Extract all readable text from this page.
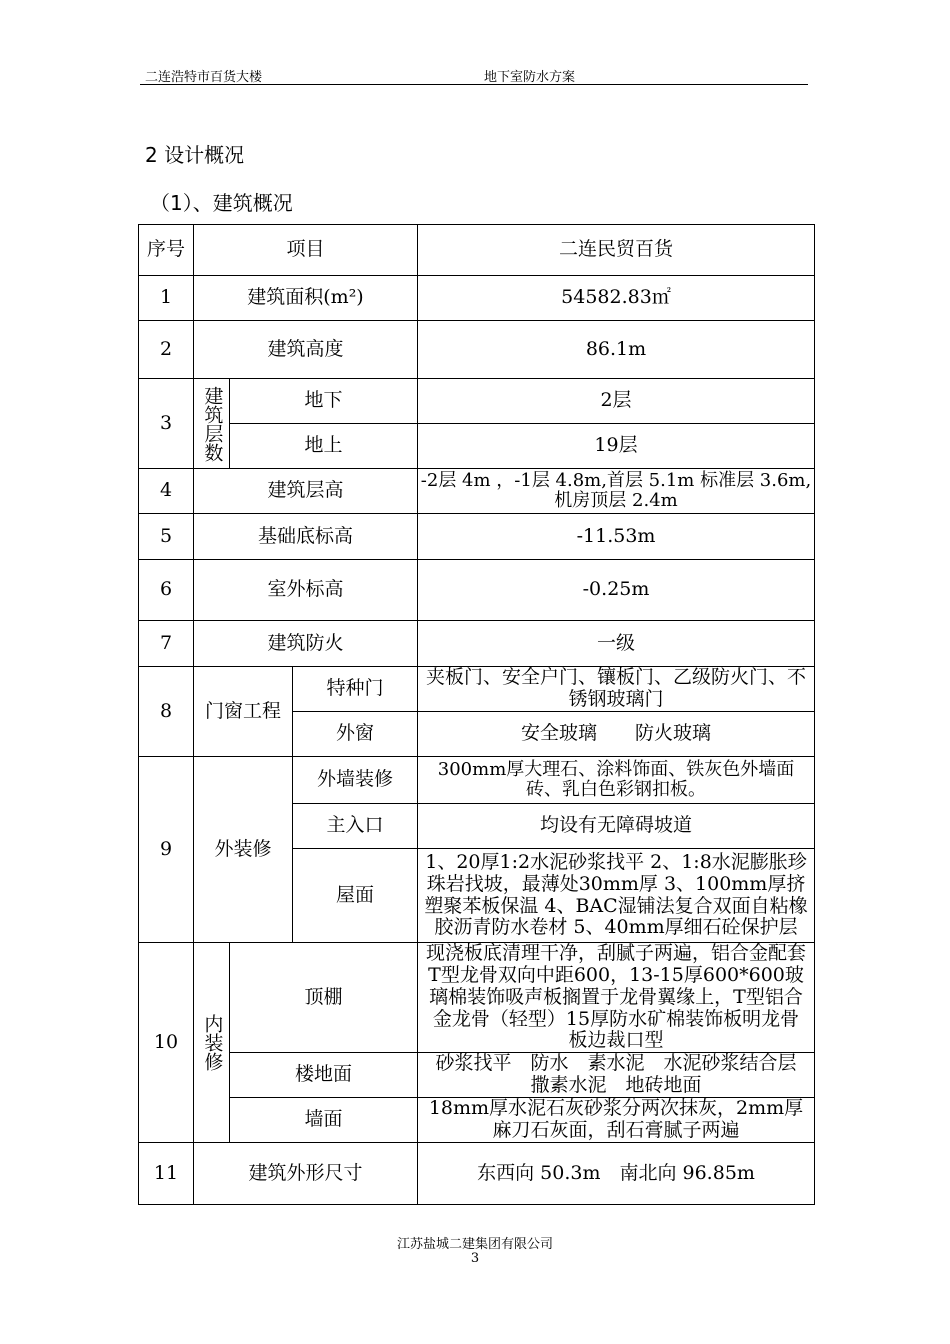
二连浩特市百货大楼	地下室防水方案
2 设计概况
（1）、建筑概况
序号	项目			二连民贸百货
1	建筑面积(m²)			54582.83㎡
2	建筑高度			86.1m
3	建筑层数	地下		2层
		地上		19层
4	建筑层高			-2层 4m ，-1层 4.8m,首层 5.1m 标准层 3.6m,机房顶层 2.4m
5	基础底标高			-11.53m
6	室外标高			-0.25m
7	建筑防火			一级
8	门窗工程		特种门	夹板门、安全户门、镶板门、乙级防火门、不锈钢玻璃门
			外窗	安全玻璃　　防火玻璃
9	外装修		外墙装修	300mm厚大理石、涂料饰面、铁灰色外墙面砖、乳白色彩钢扣板。
			主入口	均设有无障碍坡道
			屋面	1、20厚1:2水泥砂浆找平 2、1:8水泥膨胀珍珠岩找坡，最薄处30mm厚 3、100mm厚挤塑聚苯板保温 4、BAC湿铺法复合双面自粘橡胶沥青防水卷材 5、40mm厚细石砼保护层
10	内装修	顶棚		现浇板底清理干净，刮腻子两遍，铝合金配套T型龙骨双向中距600，13-15厚600*600玻璃棉装饰吸声板搁置于龙骨翼缘上，T型铝合金龙骨（轻型）15厚防水矿棉装饰板明龙骨板边裁口型
		楼地面		砂浆找平　防水　素水泥　水泥砂浆结合层　撒素水泥　地砖地面
		墙面		18mm厚水泥石灰砂浆分两次抹灰，2mm厚麻刀石灰面，刮石膏腻子两遍
11	建筑外形尺寸			东西向 50.3m　南北向 96.85m
江苏盐城二建集团有限公司
3
